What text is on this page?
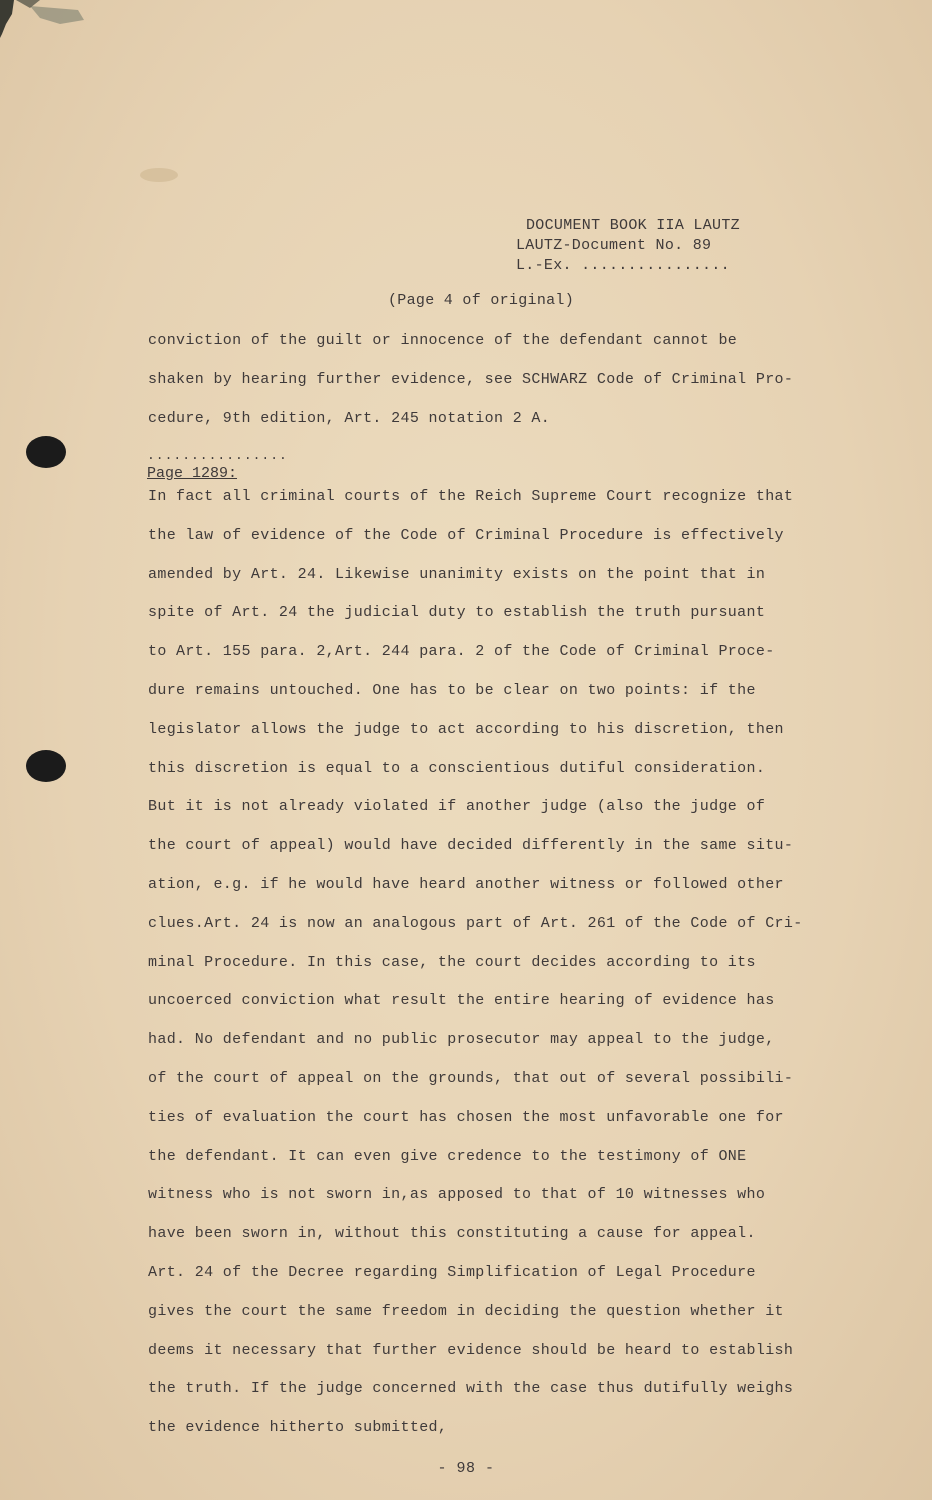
DOCUMENT BOOK IIA LAUTZ
LAUTZ-Document No. 89
L.-Ex. ................
(Page 4 of original)
conviction of the guilt or innocence of the defendant cannot be
shaken by hearing further evidence, see SCHWARZ Code of Criminal Pro-
cedure, 9th edition, Art. 245 notation 2 A.
................
Page 1289:
In fact all criminal courts of the Reich Supreme Court recognize that
the law of evidence of the Code of Criminal Procedure is effectively
amended by Art. 24. Likewise unanimity exists on the point that in
spite of Art. 24 the judicial duty to establish the truth pursuant
to Art. 155 para. 2,Art. 244 para. 2 of the Code of Criminal Proce-
dure remains untouched. One has to be clear on two points: if the
legislator allows the judge to act according to his discretion, then
this discretion is equal to a conscientious dutiful consideration.
But it is not already violated if another judge (also the judge of
the court of appeal) would have decided differently in the same situ-
ation, e.g. if he would have heard another witness or followed other
clues.Art. 24 is now an analogous part of Art. 261 of the Code of Cri-
minal Procedure. In this case, the court decides according to its
uncoerced conviction what result the entire hearing of evidence has
had. No defendant and no public prosecutor may appeal to the judge,
of the court of appeal on the grounds, that out of several possibili-
ties of evaluation the court has chosen the most unfavorable one for
the defendant. It can even give credence to the testimony of ONE
witness who is not sworn in,as apposed to that of 10 witnesses who
have been sworn in, without this constituting a cause for appeal.
Art. 24 of the Decree regarding Simplification of Legal Procedure
gives the court the same freedom in deciding the question whether it
deems it necessary that further evidence should be heard to establish
the truth. If the judge concerned with the case thus dutifully weighs
the evidence hitherto submitted,
- 98 -
